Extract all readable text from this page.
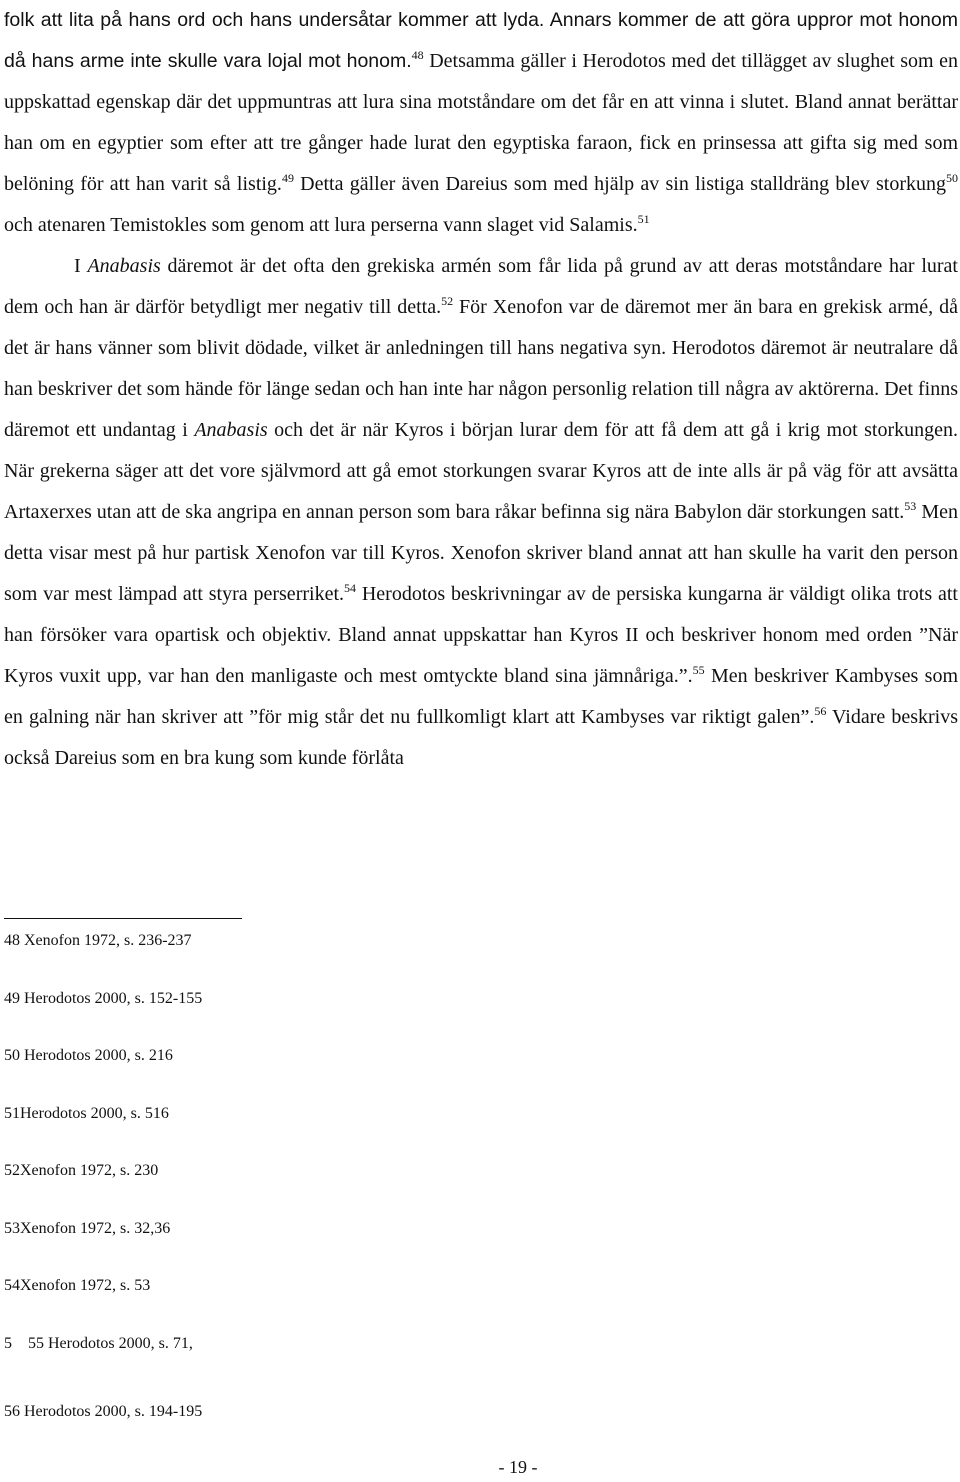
folk att lita på hans ord och hans undersåtar kommer att lyda. Annars kommer de att göra uppror mot honom då hans arme inte skulle vara lojal mot honom.$^{48}$ Detsamma gäller i Herodotos med det tillägget av slughet som en uppskattad egenskap där det uppmuntras att lura sina motståndare om det får en att vinna i slutet. Bland annat berättar han om en egyptier som efter att tre gånger hade lurat den egyptiska faraon, fick en prinsessa att gifta sig med som belöning för att han varit så listig.$^{49}$ Detta gäller även Dareius som med hjälp av sin listiga stalldräng blev storkung$^{50}$ och atenaren Temistokles som genom att lura perserna vann slaget vid Salamis.$^{51}$

I Anabasis däremot är det ofta den grekiska armén som får lida på grund av att deras motståndare har lurat dem och han är därför betydligt mer negativ till detta.$^{52}$ För Xenofon var de däremot mer än bara en grekisk armé, då det är hans vänner som blivit dödade, vilket är anledningen till hans negativa syn. Herodotos däremot är neutralare då han beskriver det som hände för länge sedan och han inte har någon personlig relation till några av aktörerna. Det finns däremot ett undantag i Anabasis och det är när Kyros i början lurar dem för att få dem att gå i krig mot storkungen. När grekerna säger att det vore självmord att gå emot storkungen svarar Kyros att de inte alls är på väg för att avsätta Artaxerxes utan att de ska angripa en annan person som bara råkar befinna sig nära Babylon där storkungen satt.$^{53}$ Men detta visar mest på hur partisk Xenofon var till Kyros. Xenofon skriver bland annat att han skulle ha varit den person som var mest lämpad att styra perserriket.$^{54}$ Herodotos beskrivningar av de persiska kungarna är väldigt olika trots att han försöker vara opartisk och objektiv. Bland annat uppskattar han Kyros II och beskriver honom med orden ”När Kyros vuxit upp, var han den manligaste och mest omtyckte bland sina jämnåriga.”.$^{55}$ Men beskriver Kambyses som en galning när han skriver att ”för mig står det nu fullkomligt klart att Kambyses var riktigt galen”.$^{56}$ Vidare beskrivs också Dareius som en bra kung som kunde förlåta

48 Xenofon 1972, s. 236-237
49 Herodotos 2000, s. 152-155
50 Herodotos 2000, s. 216
51Herodotos 2000, s. 516
52Xenofon 1972, s. 230
53Xenofon 1972, s. 32,36
54Xenofon 1972, s. 53
5    55 Herodotos 2000, s. 71,
56 Herodotos 2000, s. 194-195
- 19 -
